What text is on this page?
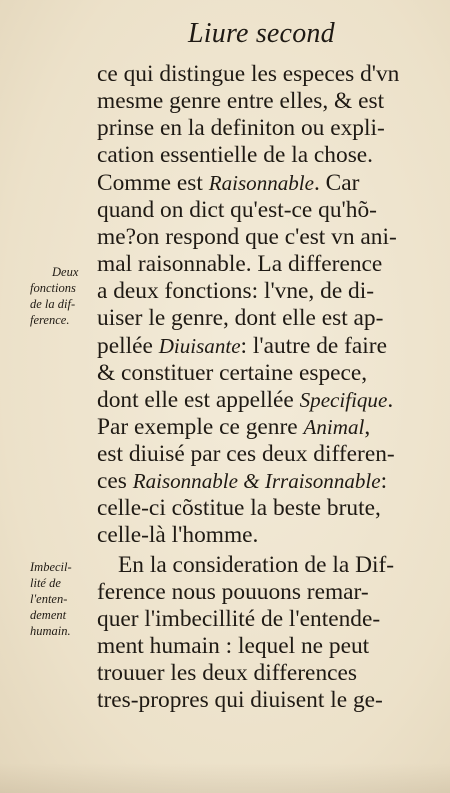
Liure second
ce qui distingue les especes d'vn
mesme genre entre elles, & est
prinse en la definiton ou expli-
cation essentielle de la chose.
Comme est Raisonnable. Car
quand on dict qu'est-ce qu'hõ-
me?on respond que c'est vn ani-
mal raisonnable. La difference
a deux fonctions: l'vne, de di-
uiser le genre, dont elle est ap-
pellée Diuisante: l'autre de faire
& constituer certaine espece,
dont elle est appellée Specifique.
Par exemple ce genre Animal,
est diuisé par ces deux differen-
ces Raisonnable & Irraisonnable:
celle-ci cõstitue la beste brute,
celle-là l'homme.
En la consideration de la Dif-
ference nous pouuons remar-
quer l'imbecillité de l'entende-
ment humain : lequel ne peut
trouuer les deux differences
tres-propres qui diuisent le ge-
Deux
fonctions
de la dif-
ference.
Imbecil-
lité de
l'enten-
dement
humain.
